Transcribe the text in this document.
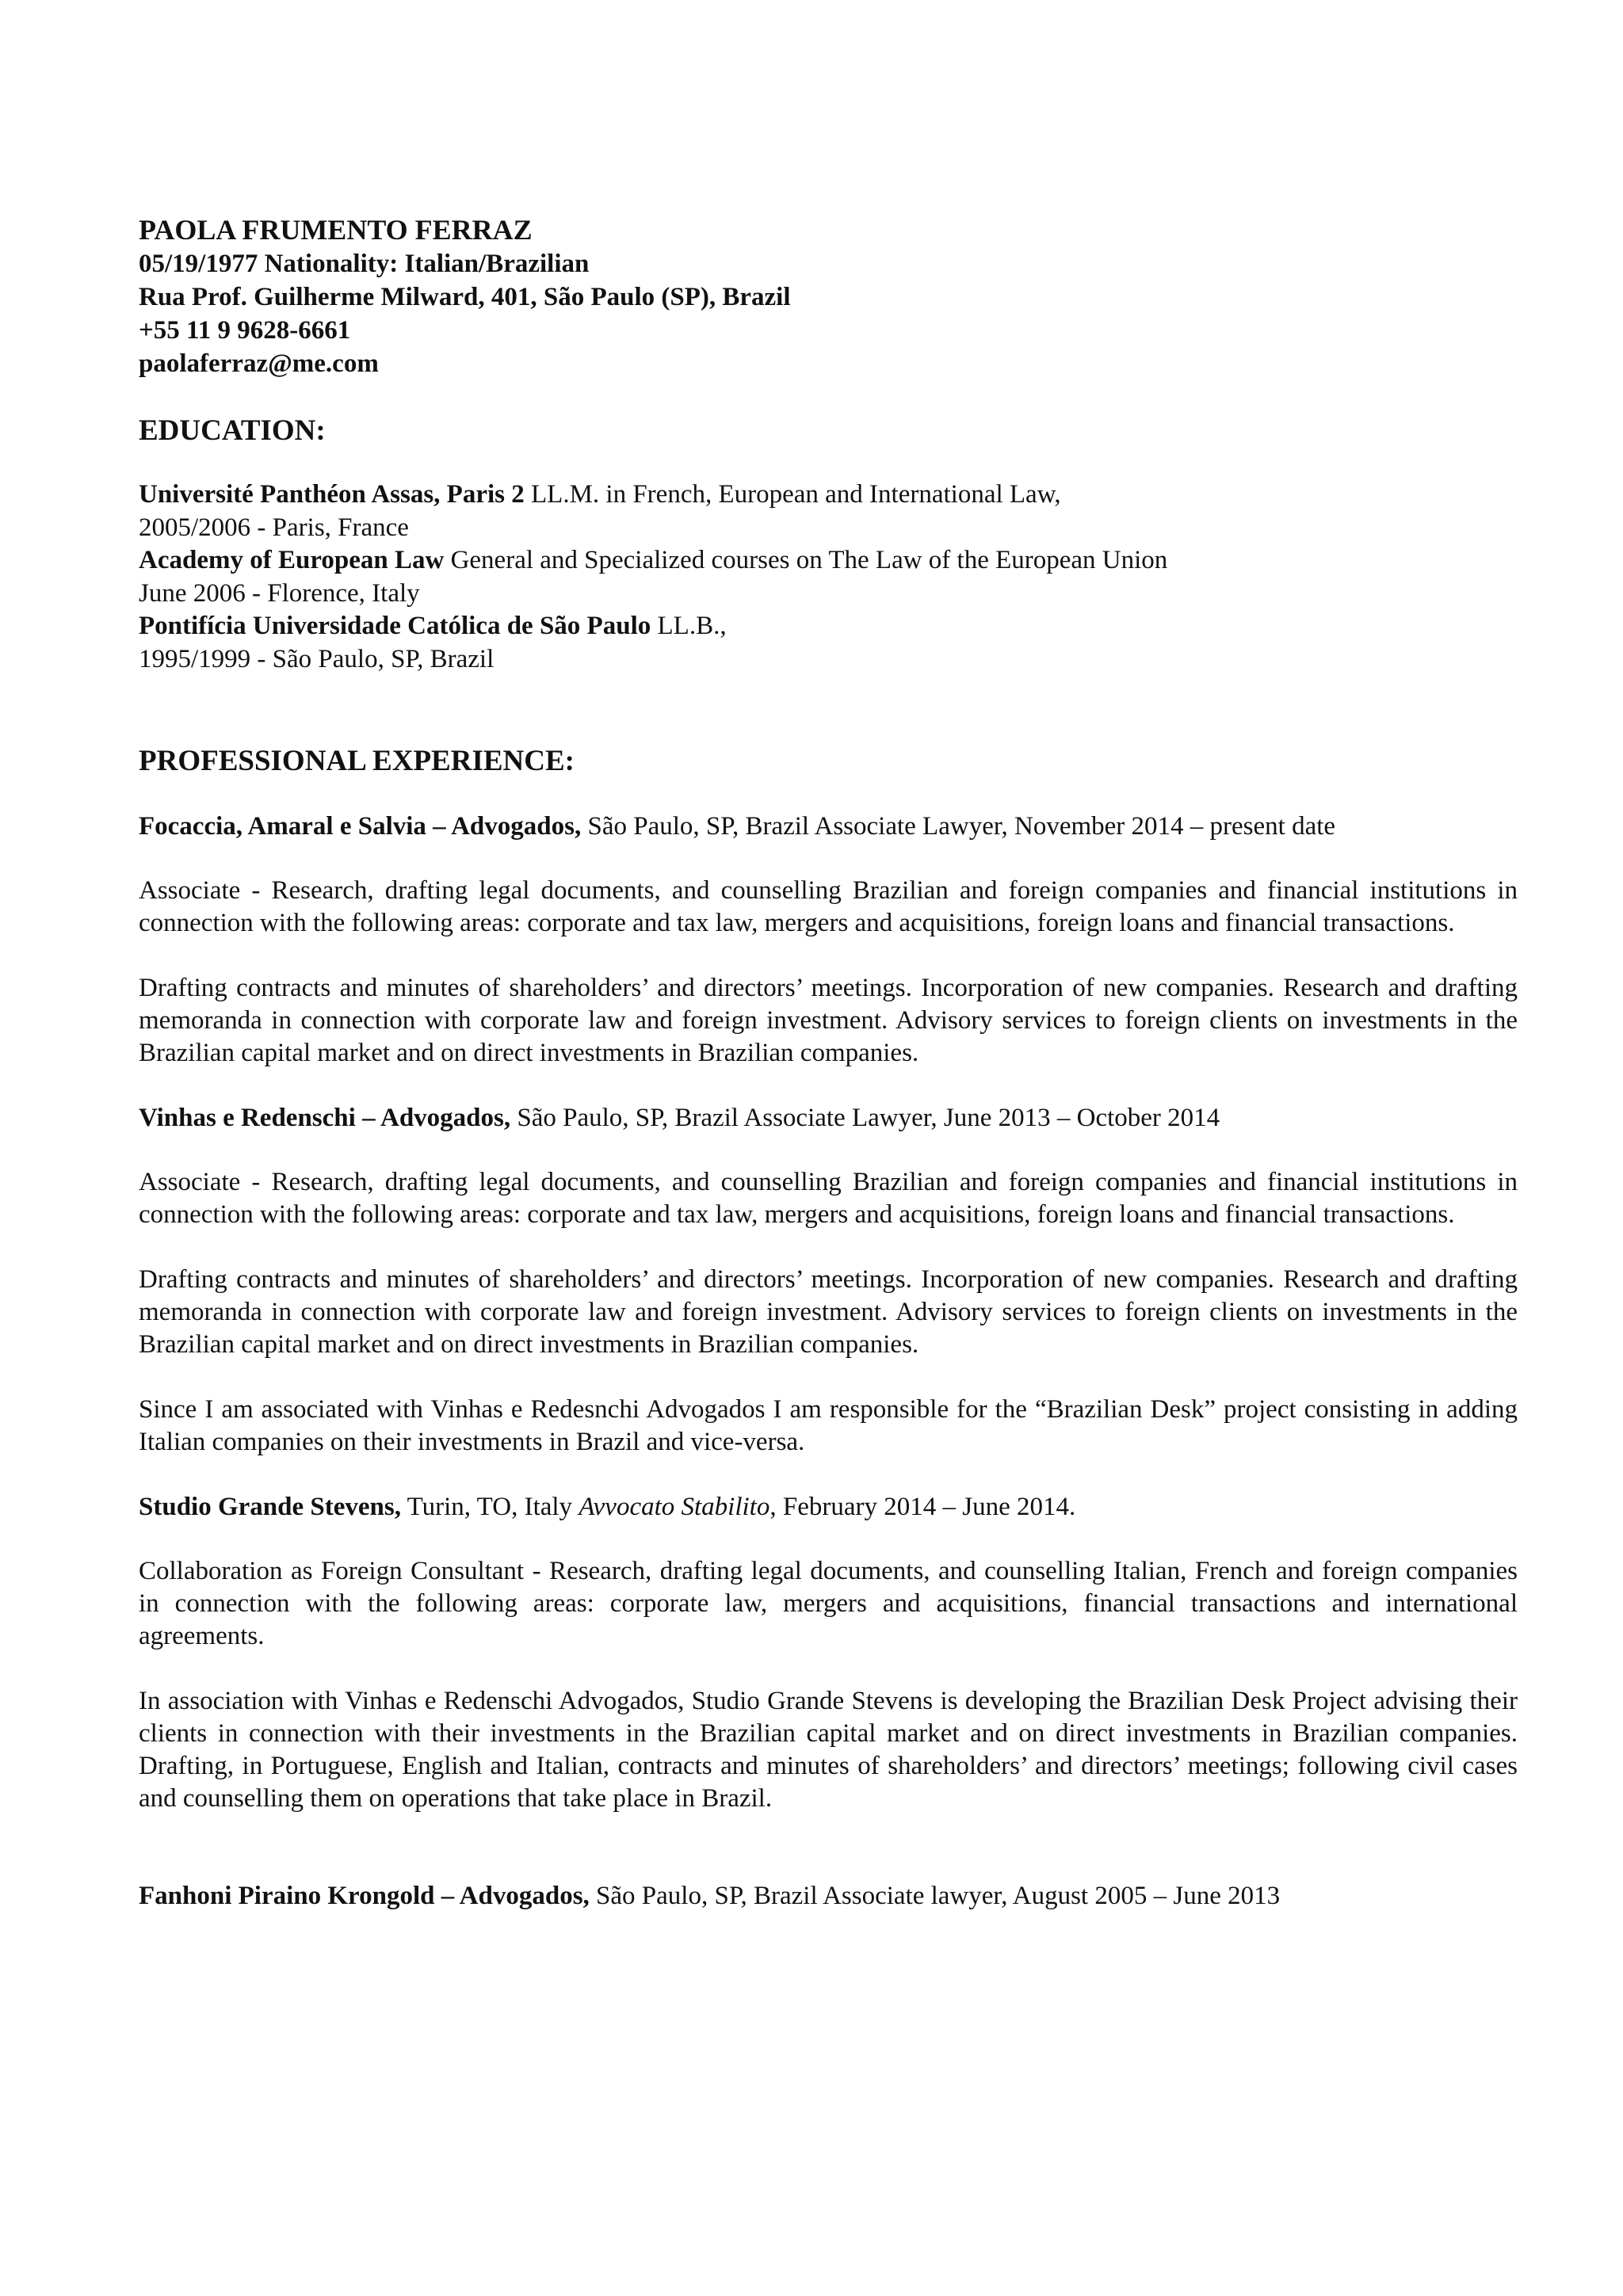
PAOLA FRUMENTO FERRAZ
05/19/1977 Nationality: Italian/Brazilian
Rua Prof. Guilherme Milward, 401, São Paulo (SP), Brazil
+55 11 9 9628-6661
paolaferraz@me.com
EDUCATION:
Université Panthéon Assas, Paris 2 LL.M. in French, European and International Law,
2005/2006 - Paris, France
Academy of European Law General and Specialized courses on The Law of the European Union
June 2006 - Florence, Italy
Pontifícia Universidade Católica de São Paulo LL.B.,
1995/1999 - São Paulo, SP, Brazil
PROFESSIONAL EXPERIENCE:
Focaccia, Amaral e Salvia – Advogados, São Paulo, SP, Brazil Associate Lawyer, November 2014 – present date

Associate - Research, drafting legal documents, and counselling Brazilian and foreign companies and financial institutions in connection with the following areas: corporate and tax law, mergers and acquisitions, foreign loans and financial transactions.

Drafting contracts and minutes of shareholders’ and directors’ meetings. Incorporation of new companies. Research and drafting memoranda in connection with corporate law and foreign investment. Advisory services to foreign clients on investments in the Brazilian capital market and on direct investments in Brazilian companies.

Vinhas e Redenschi – Advogados, São Paulo, SP, Brazil Associate Lawyer, June 2013 – October 2014

Associate - Research, drafting legal documents, and counselling Brazilian and foreign companies and financial institutions in connection with the following areas: corporate and tax law, mergers and acquisitions, foreign loans and financial transactions.

Drafting contracts and minutes of shareholders’ and directors’ meetings. Incorporation of new companies. Research and drafting memoranda in connection with corporate law and foreign investment. Advisory services to foreign clients on investments in the Brazilian capital market and on direct investments in Brazilian companies.

Since I am associated with Vinhas e Redesnchi Advogados I am responsible for the “Brazilian Desk” project consisting in adding Italian companies on their investments in Brazil and vice-versa.

Studio Grande Stevens, Turin, TO, Italy Avvocato Stabilito, February 2014 – June 2014.

Collaboration as Foreign Consultant - Research, drafting legal documents, and counselling Italian, French and foreign companies in connection with the following areas: corporate law, mergers and acquisitions, financial transactions and international agreements.

In association with Vinhas e Redenschi Advogados, Studio Grande Stevens is developing the Brazilian Desk Project advising their clients in connection with their investments in the Brazilian capital market and on direct investments in Brazilian companies. Drafting, in Portuguese, English and Italian, contracts and minutes of shareholders’ and directors’ meetings; following civil cases and counselling them on operations that take place in Brazil.

Fanhoni Piraino Krongold – Advogados, São Paulo, SP, Brazil Associate lawyer, August 2005 – June 2013
